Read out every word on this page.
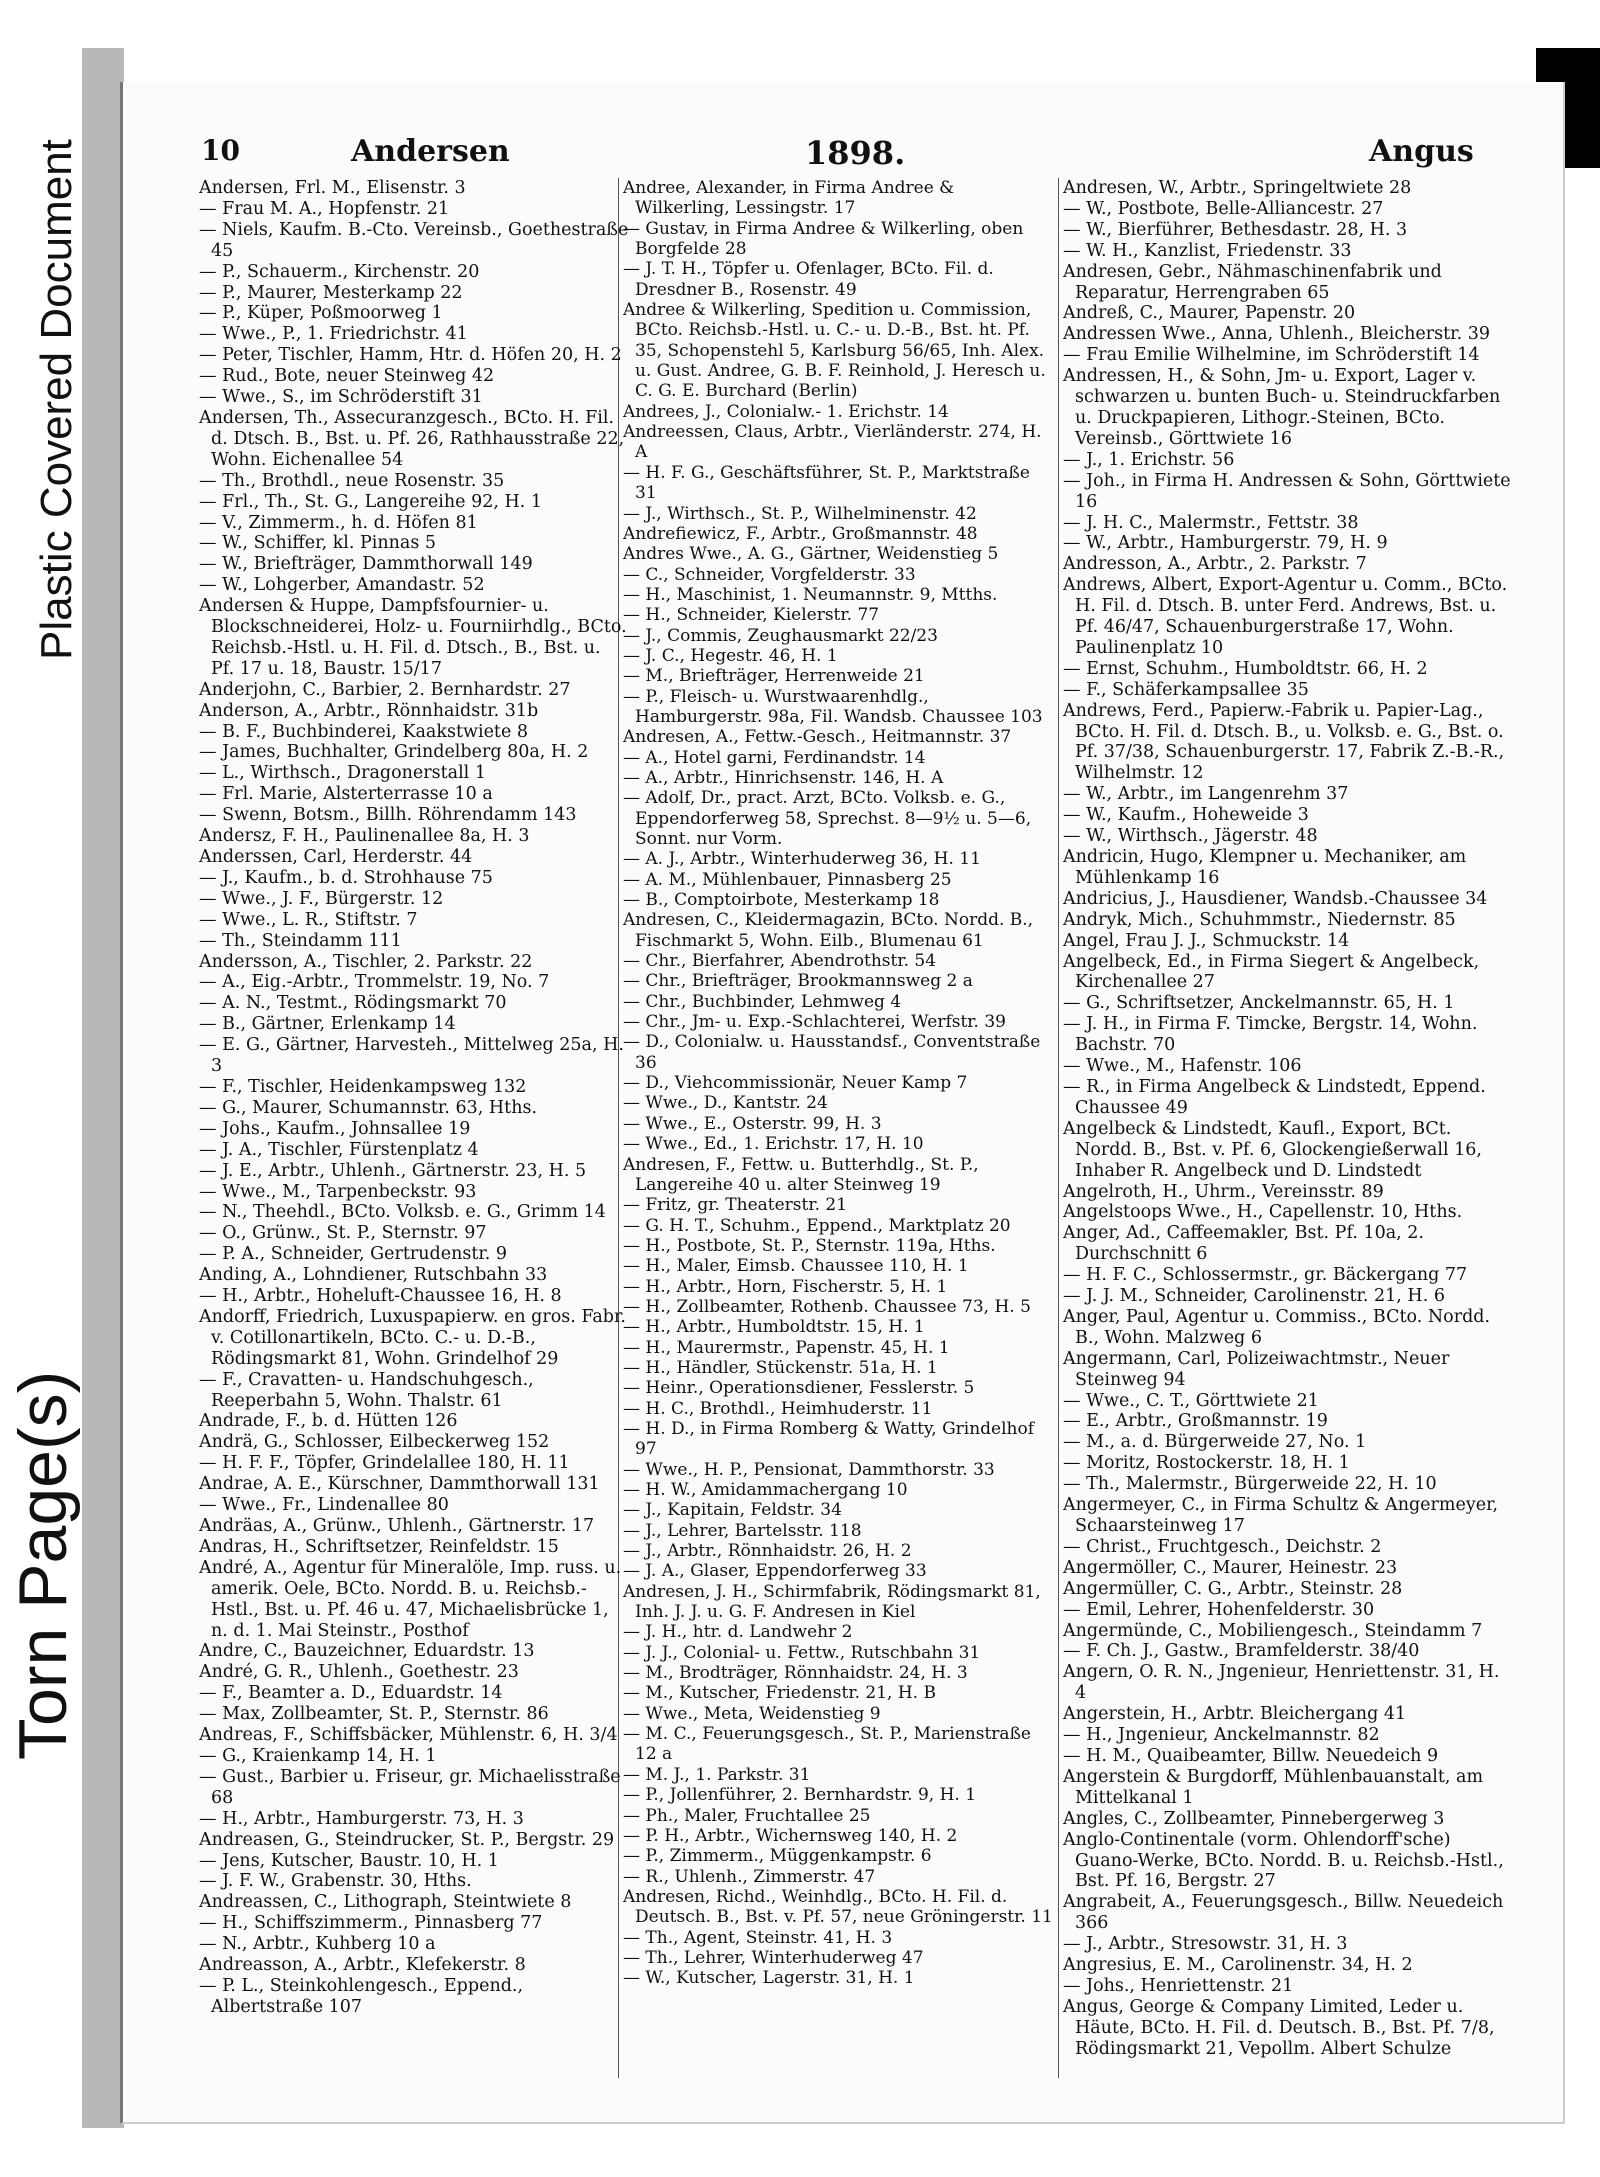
Plastic Covered Document
Torn Page(s)
10	Andersen	1898.	Angus

Andersen, Frl. M., Elisenstr. 3

— Frau M. A., Hopfenstr. 21

— Niels, Kaufm. B.-Cto. Vereinsb., Goethestraße 45

— P., Schauerm., Kirchenstr. 20

— P., Maurer, Mesterkamp 22

— P., Küper, Poßmoorweg 1

— Wwe., P., 1. Friedrichstr. 41

— Peter, Tischler, Hamm, Htr. d. Höfen 20, H. 2

— Rud., Bote, neuer Steinweg 42

— Wwe., S., im Schröderstift 31

Andersen, Th., Assecuranzgesch., BCto. H. Fil. d. Dtsch. B., Bst. u. Pf. 26, Rathhausstraße 22, Wohn. Eichenallee 54

— Th., Brothdl., neue Rosenstr. 35

— Frl., Th., St. G., Langereihe 92, H. 1

— V., Zimmerm., h. d. Höfen 81

— W., Schiffer, kl. Pinnas 5

— W., Briefträger, Dammthorwall 149

— W., Lohgerber, Amandastr. 52

Andersen & Huppe, Dampfsfournier- u. Blockschneiderei, Holz- u. Fourniirhdlg., BCto. Reichsb.-Hstl. u. H. Fil. d. Dtsch., B., Bst. u. Pf. 17 u. 18, Baustr. 15/17

Anderjohn, C., Barbier, 2. Bernhardstr. 27

Anderson, A., Arbtr., Rönnhaidstr. 31b

— B. F., Buchbinderei, Kaakstwiete 8

— James, Buchhalter, Grindelberg 80a, H. 2

— L., Wirthsch., Dragonerstall 1

— Frl. Marie, Alsterterrasse 10 a

— Swenn, Botsm., Billh. Röhrendamm 143

Andersz, F. H., Paulinenallee 8a, H. 3

Anderssen, Carl, Herderstr. 44

— J., Kaufm., b. d. Strohhause 75

— Wwe., J. F., Bürgerstr. 12

— Wwe., L. R., Stiftstr. 7

— Th., Steindamm 111

Andersson, A., Tischler, 2. Parkstr. 22

— A., Eig.-Arbtr., Trommelstr. 19, No. 7

— A. N., Testmt., Rödingsmarkt 70

— B., Gärtner, Erlenkamp 14

— E. G., Gärtner, Harvesteh., Mittelweg 25a, H. 3

— F., Tischler, Heidenkampsweg 132

— G., Maurer, Schumannstr. 63, Hths.

— Johs., Kaufm., Johnsallee 19

— J. A., Tischler, Fürstenplatz 4

— J. E., Arbtr., Uhlenh., Gärtnerstr. 23, H. 5

— Wwe., M., Tarpenbeckstr. 93

— N., Theehdl., BCto. Volksb. e. G., Grimm 14

— O., Grünw., St. P., Sternstr. 97

— P. A., Schneider, Gertrudenstr. 9

Anding, A., Lohndiener, Rutschbahn 33

— H., Arbtr., Hoheluft-Chaussee 16, H. 8

Andorff, Friedrich, Luxuspapierw. en gros. Fabr. v. Cotillonartikeln, BCto. C.- u. D.-B., Rödingsmarkt 81, Wohn. Grindelhof 29

— F., Cravatten- u. Handschuhgesch., Reeperbahn 5, Wohn. Thalstr. 61

Andrade, F., b. d. Hütten 126

Andrä, G., Schlosser, Eilbeckerweg 152

— H. F. F., Töpfer, Grindelallee 180, H. 11

Andrae, A. E., Kürschner, Dammthorwall 131

— Wwe., Fr., Lindenallee 80

Andräas, A., Grünw., Uhlenh., Gärtnerstr. 17

Andras, H., Schriftsetzer, Reinfeldstr. 15

André, A., Agentur für Mineralöle, Imp. russ. u. amerik. Oele, BCto. Nordd. B. u. Reichsb.-Hstl., Bst. u. Pf. 46 u. 47, Michaelisbrücke 1, n. d. 1. Mai Steinstr., Posthof

Andre, C., Bauzeichner, Eduardstr. 13

André, G. R., Uhlenh., Goethestr. 23

— F., Beamter a. D., Eduardstr. 14

— Max, Zollbeamter, St. P., Sternstr. 86

Andreas, F., Schiffsbäcker, Mühlenstr. 6, H. 3/4

— G., Kraienkamp 14, H. 1

— Gust., Barbier u. Friseur, gr. Michaelisstraße 68

— H., Arbtr., Hamburgerstr. 73, H. 3

Andreasen, G., Steindrucker, St. P., Bergstr. 29

— Jens, Kutscher, Baustr. 10, H. 1

— J. F. W., Grabenstr. 30, Hths.

Andreassen, C., Lithograph, Steintwiete 8

— H., Schiffszimmerm., Pinnasberg 77

— N., Arbtr., Kuhberg 10 a

Andreasson, A., Arbtr., Klefekerstr. 8

— P. L., Steinkohlengesch., Eppend., Albertstraße 107

Andree, Alexander, in Firma Andree & Wilkerling, Lessingstr. 17

— Gustav, in Firma Andree & Wilkerling, oben Borgfelde 28

— J. T. H., Töpfer u. Ofenlager, BCto. Fil. d. Dresdner B., Rosenstr. 49

Andree & Wilkerling, Spedition u. Commission, BCto. Reichsb.-Hstl. u. C.- u. D.-B., Bst. ht. Pf. 35, Schopenstehl 5, Karlsburg 56/65, Inh. Alex. u. Gust. Andree, G. B. F. Reinhold, J. Heresch u. C. G. E. Burchard (Berlin)

Andrees, J., Colonialw.- 1. Erichstr. 14

Andreessen, Claus, Arbtr., Vierländerstr. 274, H. A

— H. F. G., Geschäftsführer, St. P., Marktstraße 31

— J., Wirthsch., St. P., Wilhelminenstr. 42

Andrefiewicz, F., Arbtr., Großmannstr. 48

Andres Wwe., A. G., Gärtner, Weidenstieg 5

— C., Schneider, Vorgfelderstr. 33

— H., Maschinist, 1. Neumannstr. 9, Mtths.

— H., Schneider, Kielerstr. 77

— J., Commis, Zeughausmarkt 22/23

— J. C., Hegestr. 46, H. 1

— M., Briefträger, Herrenweide 21

— P., Fleisch- u. Wurstwaarenhdlg., Hamburgerstr. 98a, Fil. Wandsb. Chaussee 103

Andresen, A., Fettw.-Gesch., Heitmannstr. 37

— A., Hotel garni, Ferdinandstr. 14

— A., Arbtr., Hinrichsenstr. 146, H. A

— Adolf, Dr., pract. Arzt, BCto. Volksb. e. G., Eppendorferweg 58, Sprechst. 8—9½ u. 5—6, Sonnt. nur Vorm.

— A. J., Arbtr., Winterhuderweg 36, H. 11

— A. M., Mühlenbauer, Pinnasberg 25

— B., Comptoirbote, Mesterkamp 18

Andresen, C., Kleidermagazin, BCto. Nordd. B., Fischmarkt 5, Wohn. Eilb., Blumenau 61

— Chr., Bierfahrer, Abendrothstr. 54

— Chr., Briefträger, Brookmannsweg 2 a

— Chr., Buchbinder, Lehmweg 4

— Chr., Jm- u. Exp.-Schlachterei, Werfstr. 39

— D., Colonialw. u. Hausstandsf., Conventstraße 36

— D., Viehcommissionär, Neuer Kamp 7

— Wwe., D., Kantstr. 24

— Wwe., E., Osterstr. 99, H. 3

— Wwe., Ed., 1. Erichstr. 17, H. 10

Andresen, F., Fettw. u. Butterhdlg., St. P., Langereihe 40 u. alter Steinweg 19

— Fritz, gr. Theaterstr. 21

— G. H. T., Schuhm., Eppend., Marktplatz 20

— H., Postbote, St. P., Sternstr. 119a, Hths.

— H., Maler, Eimsb. Chaussee 110, H. 1

— H., Arbtr., Horn, Fischerstr. 5, H. 1

— H., Zollbeamter, Rothenb. Chaussee 73, H. 5

— H., Arbtr., Humboldtstr. 15, H. 1

— H., Maurermstr., Papenstr. 45, H. 1

— H., Händler, Stückenstr. 51a, H. 1

— Heinr., Operationsdiener, Fesslerstr. 5

— H. C., Brothdl., Heimhuderstr. 11

— H. D., in Firma Romberg & Watty, Grindelhof 97

— Wwe., H. P., Pensionat, Dammthorstr. 33

— H. W., Amidammachergang 10

— J., Kapitain, Feldstr. 34

— J., Lehrer, Bartelsstr. 118

— J., Arbtr., Rönnhaidstr. 26, H. 2

— J. A., Glaser, Eppendorferweg 33

Andresen, J. H., Schirmfabrik, Rödingsmarkt 81, Inh. J. J. u. G. F. Andresen in Kiel

— J. H., htr. d. Landwehr 2

— J. J., Colonial- u. Fettw., Rutschbahn 31

— M., Brodträger, Rönnhaidstr. 24, H. 3

— M., Kutscher, Friedenstr. 21, H. B

— Wwe., Meta, Weidenstieg 9

— M. C., Feuerungsgesch., St. P., Marienstraße 12 a

— M. J., 1. Parkstr. 31

— P., Jollenführer, 2. Bernhardstr. 9, H. 1

— Ph., Maler, Fruchtallee 25

— P. H., Arbtr., Wichernsweg 140, H. 2

— P., Zimmerm., Müggenkampstr. 6

— R., Uhlenh., Zimmerstr. 47

Andresen, Richd., Weinhdlg., BCto. H. Fil. d. Deutsch. B., Bst. v. Pf. 57, neue Gröningerstr. 11

— Th., Agent, Steinstr. 41, H. 3

— Th., Lehrer, Winterhuderweg 47

— W., Kutscher, Lagerstr. 31, H. 1

Andresen, W., Arbtr., Springeltwiete 28

— W., Postbote, Belle-Alliancestr. 27

— W., Bierführer, Bethesdastr. 28, H. 3

— W. H., Kanzlist, Friedenstr. 33

Andresen, Gebr., Nähmaschinenfabrik und Reparatur, Herrengraben 65

Andreß, C., Maurer, Papenstr. 20

Andressen Wwe., Anna, Uhlenh., Bleicherstr. 39

— Frau Emilie Wilhelmine, im Schröderstift 14

Andressen, H., & Sohn, Jm- u. Export, Lager v. schwarzen u. bunten Buch- u. Steindruckfarben u. Druckpapieren, Lithogr.-Steinen, BCto. Vereinsb., Görttwiete 16

— J., 1. Erichstr. 56

— Joh., in Firma H. Andressen & Sohn, Görttwiete 16

— J. H. C., Malermstr., Fettstr. 38

— W., Arbtr., Hamburgerstr. 79, H. 9

Andresson, A., Arbtr., 2. Parkstr. 7

Andrews, Albert, Export-Agentur u. Comm., BCto. H. Fil. d. Dtsch. B. unter Ferd. Andrews, Bst. u. Pf. 46/47, Schauenburgerstraße 17, Wohn. Paulinenplatz 10

— Ernst, Schuhm., Humboldtstr. 66, H. 2

— F., Schäferkampsallee 35

Andrews, Ferd., Papierw.-Fabrik u. Papier-Lag., BCto. H. Fil. d. Dtsch. B., u. Volksb. e. G., Bst. o. Pf. 37/38, Schauenburgerstr. 17, Fabrik Z.-B.-R., Wilhelmstr. 12

— W., Arbtr., im Langenrehm 37

— W., Kaufm., Hoheweide 3

— W., Wirthsch., Jägerstr. 48

Andricin, Hugo, Klempner u. Mechaniker, am Mühlenkamp 16

Andricius, J., Hausdiener, Wandsb.-Chaussee 34

Andryk, Mich., Schuhmmstr., Niedernstr. 85

Angel, Frau J. J., Schmuckstr. 14

Angelbeck, Ed., in Firma Siegert & Angelbeck, Kirchenallee 27

— G., Schriftsetzer, Anckelmannstr. 65, H. 1

— J. H., in Firma F. Timcke, Bergstr. 14, Wohn. Bachstr. 70

— Wwe., M., Hafenstr. 106

— R., in Firma Angelbeck & Lindstedt, Eppend. Chaussee 49

Angelbeck & Lindstedt, Kaufl., Export, BCt. Nordd. B., Bst. v. Pf. 6, Glockengießerwall 16, Inhaber R. Angelbeck und D. Lindstedt

Angelroth, H., Uhrm., Vereinsstr. 89

Angelstoops Wwe., H., Capellenstr. 10, Hths.

Anger, Ad., Caffeemakler, Bst. Pf. 10a, 2. Durchschnitt 6

— H. F. C., Schlossermstr., gr. Bäckergang 77

— J. J. M., Schneider, Carolinenstr. 21, H. 6

Anger, Paul, Agentur u. Commiss., BCto. Nordd. B., Wohn. Malzweg 6

Angermann, Carl, Polizeiwachtmstr., Neuer Steinweg 94

— Wwe., C. T., Görttwiete 21

— E., Arbtr., Großmannstr. 19

— M., a. d. Bürgerweide 27, No. 1

— Moritz, Rostockerstr. 18, H. 1

— Th., Malermstr., Bürgerweide 22, H. 10

Angermeyer, C., in Firma Schultz & Angermeyer, Schaarsteinweg 17

— Christ., Fruchtgesch., Deichstr. 2

Angermöller, C., Maurer, Heinestr. 23

Angermüller, C. G., Arbtr., Steinstr. 28

— Emil, Lehrer, Hohenfelderstr. 30

Angermünde, C., Mobiliengesch., Steindamm 7

— F. Ch. J., Gastw., Bramfelderstr. 38/40

Angern, O. R. N., Jngenieur, Henriettenstr. 31, H. 4

Angerstein, H., Arbtr. Bleichergang 41

— H., Jngenieur, Anckelmannstr. 82

— H. M., Quaibeamter, Billw. Neuedeich 9

Angerstein & Burgdorff, Mühlenbauanstalt, am Mittelkanal 1

Angles, C., Zollbeamter, Pinnebergerweg 3

Anglo-Continentale (vorm. Ohlendorff'sche) Guano-Werke, BCto. Nordd. B. u. Reichsb.-Hstl., Bst. Pf. 16, Bergstr. 27

Angrabeit, A., Feuerungsgesch., Billw. Neuedeich 366

— J., Arbtr., Stresowstr. 31, H. 3

Angresius, E. M., Carolinenstr. 34, H. 2

— Johs., Henriettenstr. 21

Angus, George & Company Limited, Leder u. Häute, BCto. H. Fil. d. Deutsch. B., Bst. Pf. 7/8, Rödingsmarkt 21, Vepollm. Albert Schulze
